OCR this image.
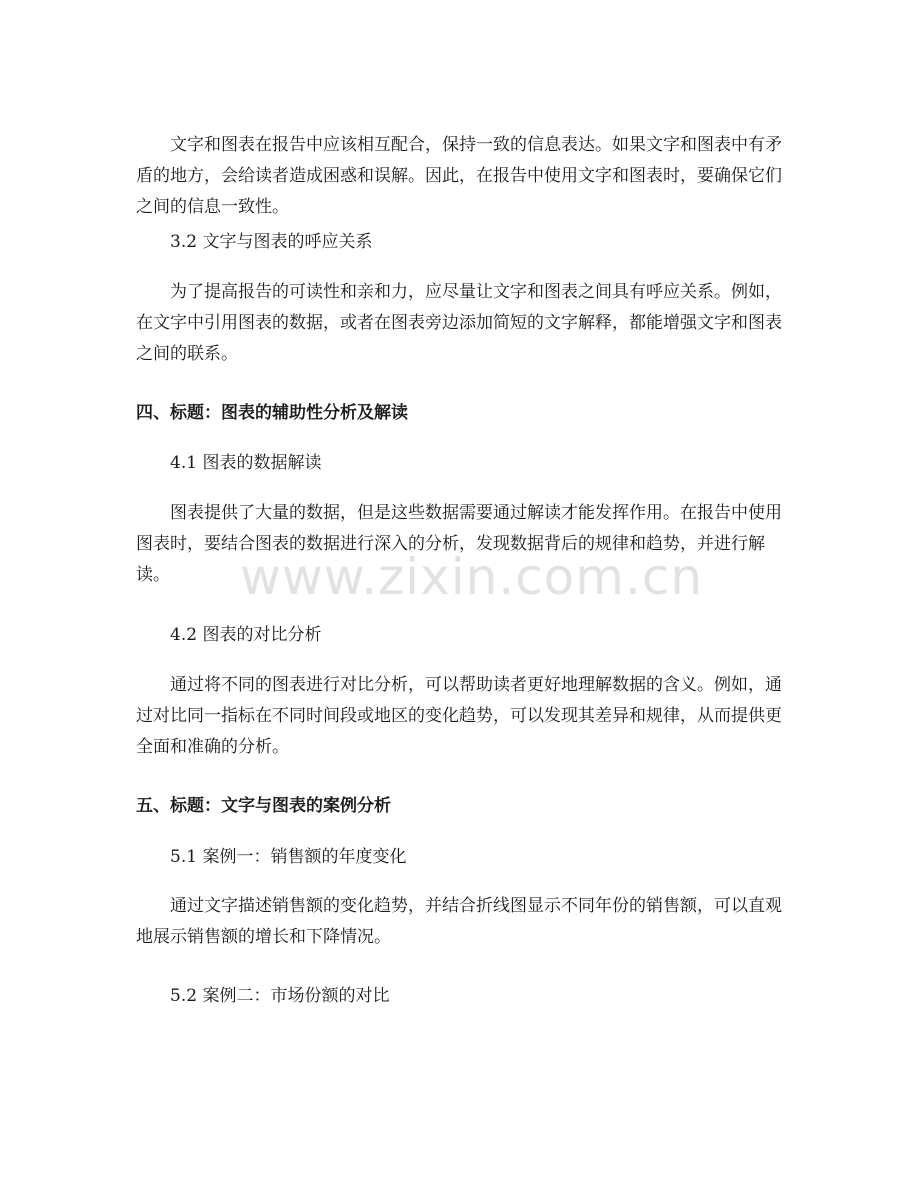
文字和图表在报告中应该相互配合，保持一致的信息表达。如果文字和图表中有矛盾的地方，会给读者造成困惑和误解。因此，在报告中使用文字和图表时，要确保它们之间的信息一致性。

3.2 文字与图表的呼应关系

为了提高报告的可读性和亲和力，应尽量让文字和图表之间具有呼应关系。例如，在文字中引用图表的数据，或者在图表旁边添加简短的文字解释，都能增强文字和图表之间的联系。

四、标题：图表的辅助性分析及解读

4.1 图表的数据解读

图表提供了大量的数据，但是这些数据需要通过解读才能发挥作用。在报告中使用图表时，要结合图表的数据进行深入的分析，发现数据背后的规律和趋势，并进行解读。

4.2 图表的对比分析

通过将不同的图表进行对比分析，可以帮助读者更好地理解数据的含义。例如，通过对比同一指标在不同时间段或地区的变化趋势，可以发现其差异和规律，从而提供更全面和准确的分析。

五、标题：文字与图表的案例分析

5.1 案例一：销售额的年度变化

通过文字描述销售额的变化趋势，并结合折线图显示不同年份的销售额，可以直观地展示销售额的增长和下降情况。

5.2 案例二：市场份额的对比

www.zixin.com.cn
